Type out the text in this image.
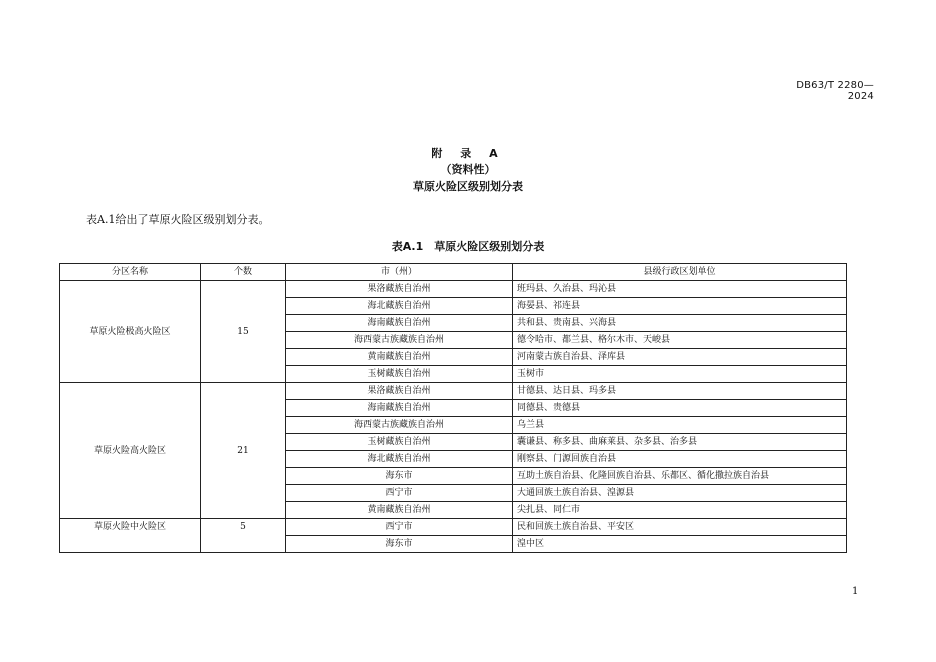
DB63/T 2280—2024
附 录 A
（资料性）
草原火险区级别划分表
表A.1给出了草原火险区级别划分表。
表A.1　草原火险区级别划分表
分区名称	个数	市（州）	县级行政区划单位
草原火险极高火险区	15	果洛藏族自治州	班玛县、久治县、玛沁县
		海北藏族自治州	海晏县、祁连县
		海南藏族自治州	共和县、贵南县、兴海县
		海西蒙古族藏族自治州	德令哈市、都兰县、格尔木市、天峻县
		黄南藏族自治州	河南蒙古族自治县、泽库县
		玉树藏族自治州	玉树市
草原火险高火险区	21	果洛藏族自治州	甘德县、达日县、玛多县
		海南藏族自治州	同德县、贵德县
		海西蒙古族藏族自治州	乌兰县
		玉树藏族自治州	囊谦县、称多县、曲麻莱县、杂多县、治多县
		海北藏族自治州	刚察县、门源回族自治县
		海东市	互助土族自治县、化隆回族自治县、乐都区、循化撒拉族自治县
		西宁市	大通回族土族自治县、湟源县
		黄南藏族自治州	尖扎县、同仁市
草原火险中火险区	5	西宁市	民和回族土族自治县、平安区
		海东市	湟中区
1
